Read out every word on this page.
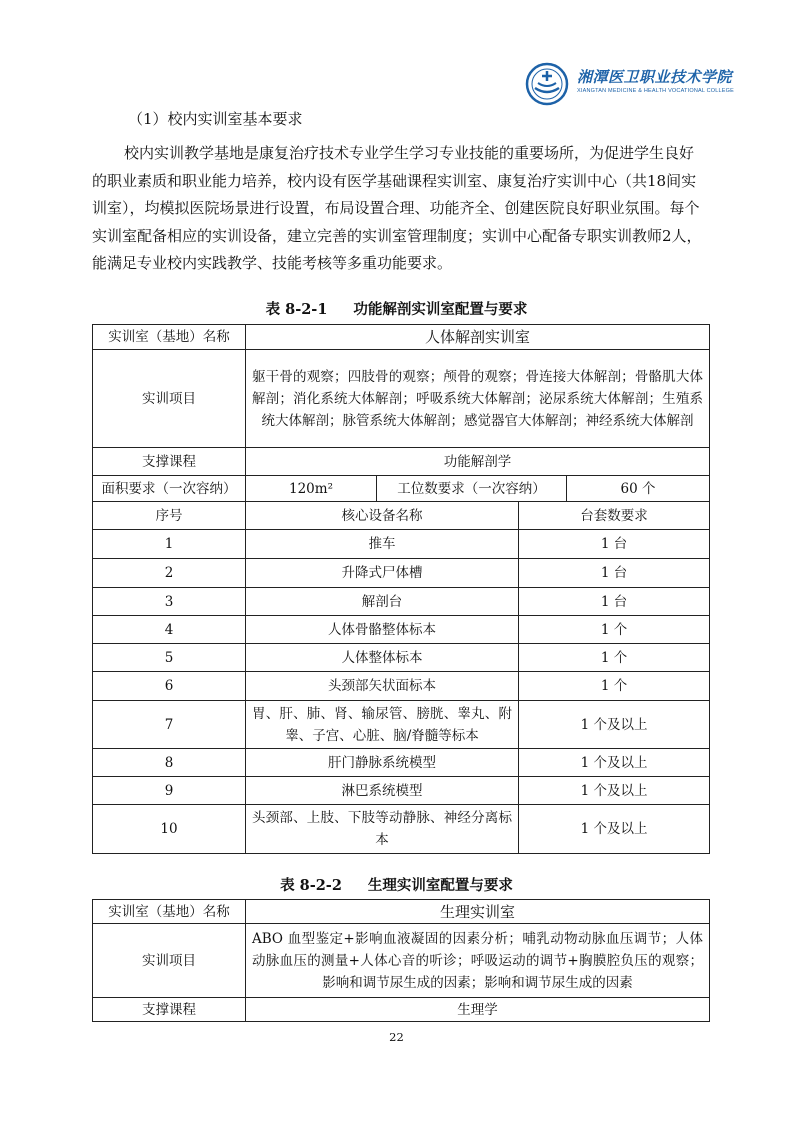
湘潭医卫职业技术学院
XIANGTAN MEDICINE & HEALTH VOCATIONAL COLLEGE
（1）校内实训室基本要求
校内实训教学基地是康复治疗技术专业学生学习专业技能的重要场所，为促进学生良好的职业素质和职业能力培养，校内设有医学基础课程实训室、康复治疗实训中心（共18间实训室），均模拟医院场景进行设置，布局设置合理、功能齐全、创建医院良好职业氛围。每个实训室配备相应的实训设备，建立完善的实训室管理制度；实训中心配备专职实训教师2人，能满足专业校内实践教学、技能考核等多重功能要求。
表 8-2-1 功能解剖实训室配置与要求
实训室（基地）名称	人体解剖实训室			
实训项目	躯干骨的观察；四肢骨的观察；颅骨的观察；骨连接大体解剖；骨骼肌大体解剖；消化系统大体解剖；呼吸系统大体解剖；泌尿系统大体解剖；生殖系统大体解剖；脉管系统大体解剖；感觉器官大体解剖；神经系统大体解剖			
支撑课程	功能解剖学			
面积要求（一次容纳）	120m²	工位数要求（一次容纳）		60 个
序号	核心设备名称		台套数要求	
1	推车		1 台	
2	升降式尸体槽		1 台	
3	解剖台		1 台	
4	人体骨骼整体标本		1 个	
5	人体整体标本		1 个	
6	头颈部矢状面标本		1 个	
7	胃、肝、肺、肾、输尿管、膀胱、睾丸、附睾、子宫、心脏、脑/脊髓等标本		1 个及以上	
8	肝门静脉系统模型		1 个及以上	
9	淋巴系统模型		1 个及以上	
10	头颈部、上肢、下肢等动静脉、神经分离标本		1 个及以上	
表 8-2-2 生理实训室配置与要求
实训室（基地）名称	生理实训室
实训项目	ABO 血型鉴定+影响血液凝固的因素分析；哺乳动物动脉血压调节；人体动脉血压的测量+人体心音的听诊；呼吸运动的调节+胸膜腔负压的观察；影响和调节尿生成的因素；影响和调节尿生成的因素
支撑课程	生理学
22
